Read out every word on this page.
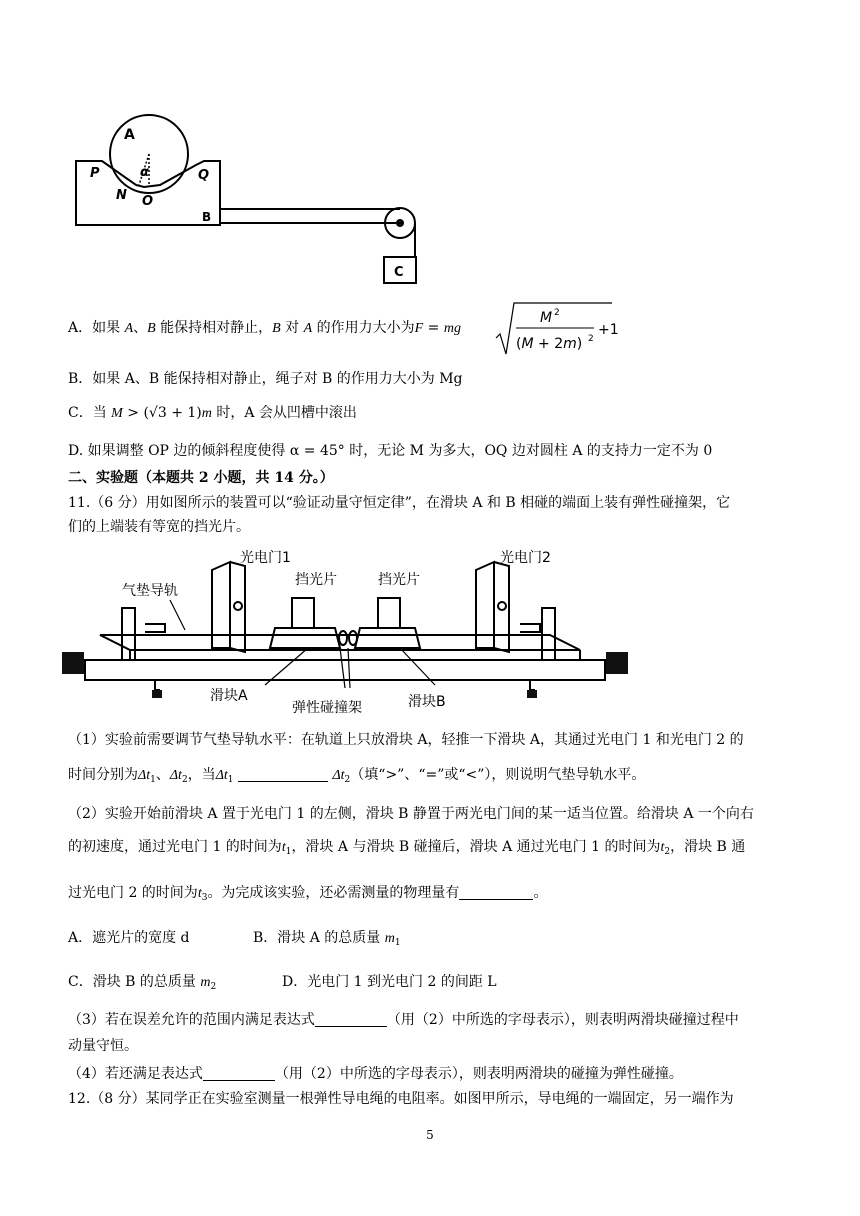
A
P
N
α
O
Q
B
C
A．如果 A、B 能保持相对静止，B 对 A 的作用力大小为F = mg
M 2
(M + 2m) 2
+1
B．如果 A、B 能保持相对静止，绳子对 B 的作用力大小为 Mg
C．当 M > (√3 + 1)m 时，A 会从凹槽中滚出
D. 如果调整 OP 边的倾斜程度使得 α = 45° 时，无论 M 为多大，OQ 边对圆柱 A 的支持力一定不为 0
二、实验题（本题共 2 小题，共 14 分。）
11.（6 分）用如图所示的装置可以“验证动量守恒定律”，在滑块 A 和 B 相碰的端面上装有弹性碰撞架，它
们的上端装有等宽的挡光片。
光电门1	光电门2
气垫导轨
挡光片	挡光片
滑块A
弹性碰撞架	滑块B
（1）实验前需要调节气垫导轨水平：在轨道上只放滑块 A，轻推一下滑块 A，其通过光电门 1 和光电门 2 的
时间分别为$\Delta t_1$、$\Delta t_2$，当$\Delta t_1$	$\Delta t_2$（填“>”、“=”或“<”），则说明气垫导轨水平。
（2）实验开始前滑块 A 置于光电门 1 的左侧，滑块 B 静置于两光电门间的某一适当位置。给滑块 A 一个向右
的初速度，通过光电门 1 的时间为$t_1$，滑块 A 与滑块 B 碰撞后，滑块 A 通过光电门 1 的时间为$t_2$，滑块 B 通
过光电门 2 的时间为$t_3$。为完成该实验，还必需测量的物理量有	。
A．遮光片的宽度 d	B．滑块 A 的总质量 $m_1$
C．滑块 B 的总质量 $m_2$	D．光电门 1 到光电门 2 的间距 L
（3）若在误差允许的范围内满足表达式	（用（2）中所选的字母表示），则表明两滑块碰撞过程中
动量守恒。
（4）若还满足表达式	（用（2）中所选的字母表示），则表明两滑块的碰撞为弹性碰撞。
12.（8 分）某同学正在实验室测量一根弹性导电绳的电阻率。如图甲所示，导电绳的一端固定，另一端作为
5
